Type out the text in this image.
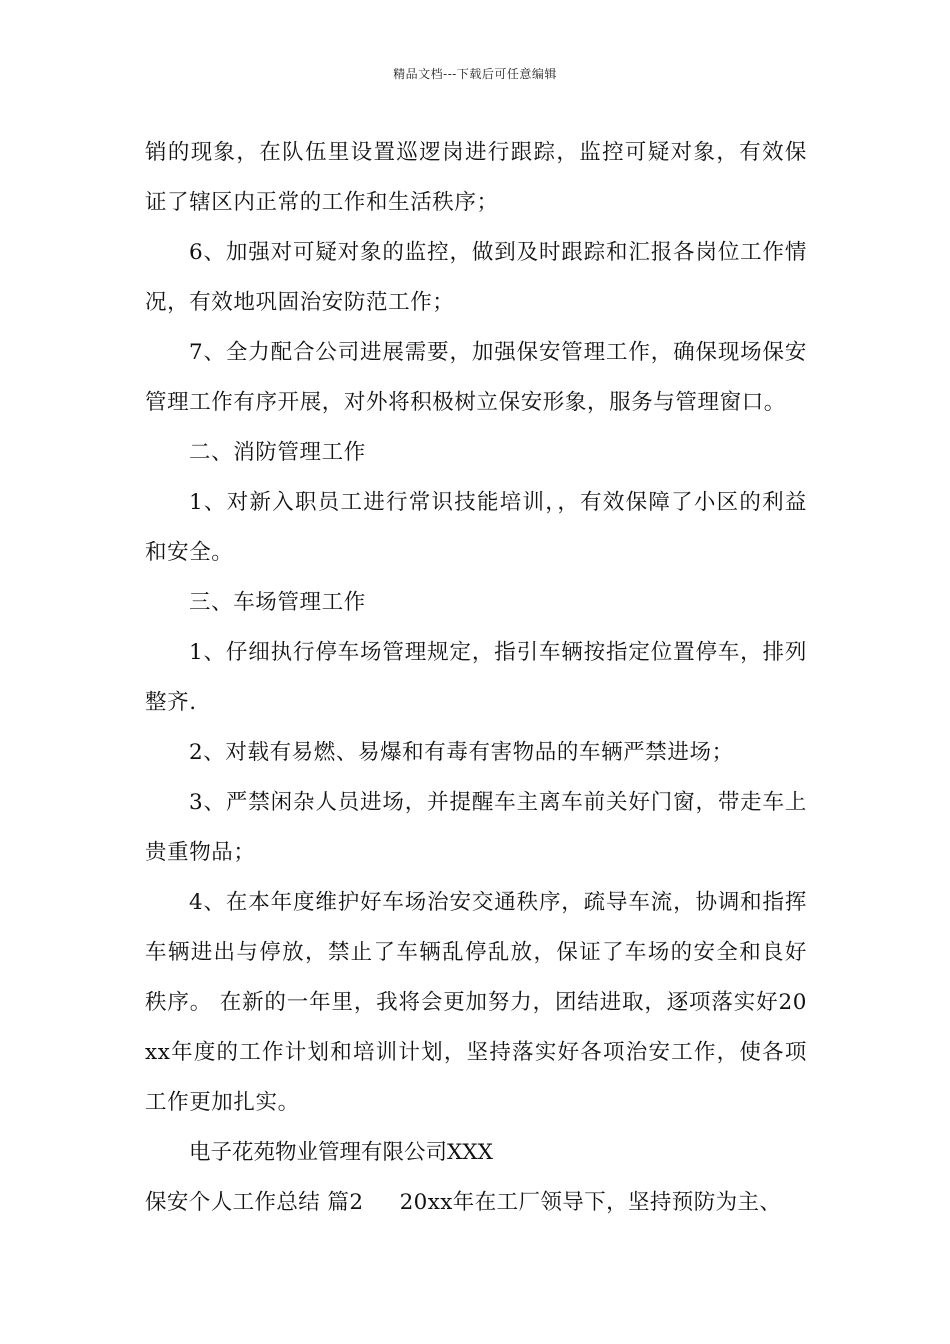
精品文档---下载后可任意编辑

销的现象，在队伍里设置巡逻岗进行跟踪，监控可疑对象，有效保证了辖区内正常的工作和生活秩序；

6、加强对可疑对象的监控，做到及时跟踪和汇报各岗位工作情况，有效地巩固治安防范工作；

7、全力配合公司进展需要，加强保安管理工作，确保现场保安管理工作有序开展，对外将积极树立保安形象，服务与管理窗口。

二、消防管理工作

1、对新入职员工进行常识技能培训，，有效保障了小区的利益和安全。

三、车场管理工作

1、仔细执行停车场管理规定，指引车辆按指定位置停车，排列整齐.

2、对载有易燃、易爆和有毒有害物品的车辆严禁进场；

3、严禁闲杂人员进场，并提醒车主离车前关好门窗，带走车上贵重物品；

4、在本年度维护好车场治安交通秩序，疏导车流，协调和指挥车辆进出与停放，禁止了车辆乱停乱放，保证了车场的安全和良好秩序。 在新的一年里，我将会更加努力，团结进取，逐项落实好20xx年度的工作计划和培训计划，坚持落实好各项治安工作，使各项工作更加扎实。

电子花苑物业管理有限公司XXX

保安个人工作总结 篇2     20xx年在工厂领导下，坚持预防为主、
